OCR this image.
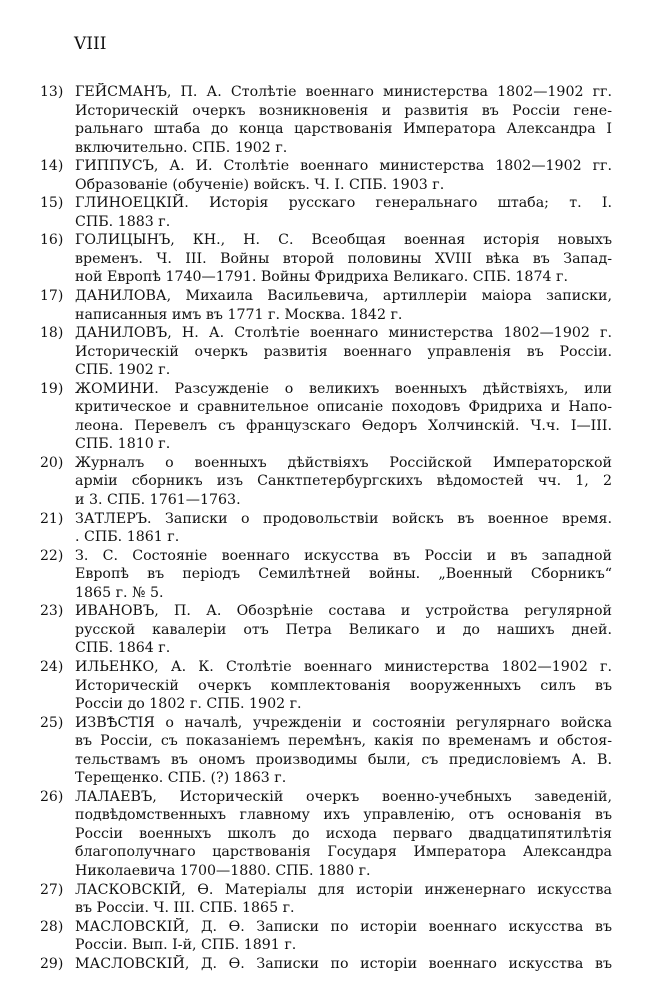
VIII
13) ГЕЙСМАНЪ, П. А. Столѣтіе военнаго министерства 1802—1902 гг.
Историческій очеркъ возникновенія и развитія въ Россіи гене-
ральнаго штаба до конца царствованія Императора Александра I
включительно. СПБ. 1902 г.
14) ГИППУСЪ, А. И. Столѣтіе военнаго министерства 1802—1902 гг.
Образованіе (обученіе) войскъ. Ч. I. СПБ. 1903 г.
15) ГЛИНОЕЦКІЙ. Исторія русскаго генеральнаго штаба; т. I.
СПБ. 1883 г.
16) ГОЛИЦЫНЪ, КН., Н. С. Всеобщая военная исторія новыхъ
временъ. Ч. III. Войны второй половины XVIII вѣка въ Запад-
ной Европѣ 1740—1791. Войны Фридриха Великаго. СПБ. 1874 г.
17) ДАНИЛОВА, Михаила Васильевича, артиллеріи маіора записки,
написанныя имъ въ 1771 г. Москва. 1842 г.
18) ДАНИЛОВЪ, Н. А. Столѣтіе военнаго министерства 1802—1902 г.
Историческій очеркъ развитія военнаго управленія въ Россіи.
СПБ. 1902 г.
19) ЖОМИНИ. Разсужденіе о великихъ военныхъ дѣйствіяхъ, или
критическое и сравнительное описаніе походовъ Фридриха и Напо-
леона. Перевелъ съ французскаго Ѳедоръ Холчинскій. Ч.ч. I—III.
СПБ. 1810 г.
20) Журналъ о военныхъ дѣйствіяхъ Россійской Императорской
арміи сборникъ изъ Санктпетербургскихъ вѣдомостей чч. 1, 2
и 3. СПБ. 1761—1763.
21) ЗАТЛЕРЪ. Записки о продовольствіи войскъ въ военное время.
. СПБ. 1861 г.
22) З. С. Состояніе военнаго искусства въ Россіи и въ западной
Европѣ въ періодъ Семилѣтней войны. „Военный Сборникъ“
1865 г. № 5.
23) ИВАНОВЪ, П. А. Обозрѣніе состава и устройства регулярной
русской кавалеріи отъ Петра Великаго и до нашихъ дней.
СПБ. 1864 г.
24) ИЛЬЕНКО, А. К. Столѣтіе военнаго министерства 1802—1902 г.
Историческій очеркъ комплектованія вооруженныхъ силъ въ
Россіи до 1802 г. СПБ. 1902 г.
25) ИЗВѢСТІЯ о началѣ, учрежденіи и состояніи регулярнаго войска
въ Россіи, съ показаніемъ перемѣнъ, какія по временамъ и обстоя-
тельствамъ въ ономъ производимы были, съ предисловіемъ А. В.
Терещенко. СПБ. (?) 1863 г.
26) ЛАЛАЕВЪ, Историческій очеркъ военно-учебныхъ заведеній,
подвѣдомственныхъ главному ихъ управленію, отъ основанія въ
Россіи военныхъ школъ до исхода перваго двадцатипятилѣтія
благополучнаго царствованія Государя Императора Александра
Николаевича 1700—1880. СПБ. 1880 г.
27) ЛАСКОВСКІЙ, Ѳ. Матеріалы для исторіи инженернаго искусства
въ Россіи. Ч. III. СПБ. 1865 г.
28) МАСЛОВСКІЙ, Д. Ѳ. Записки по исторіи военнаго искусства въ
Россіи. Вып. I-й, СПБ. 1891 г.
29) МАСЛОВСКІЙ, Д. Ѳ. Записки по исторіи военнаго искусства въ
